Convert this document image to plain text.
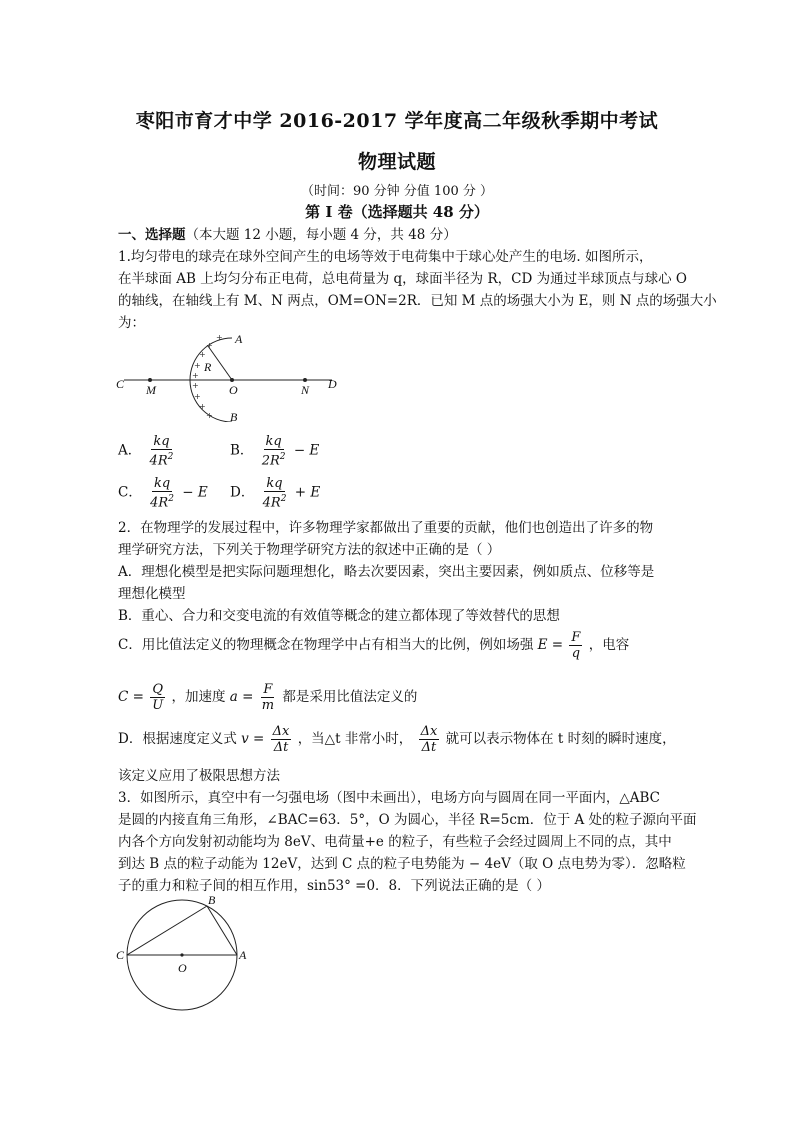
枣阳市育才中学 2016-2017 学年度高二年级秋季期中考试
物理试题
（时间：90 分钟 分值 100 分 ）
第 I 卷（选择题共 48 分）
一、选择题（本大题 12 小题，每小题 4 分，共 48 分）
1.均匀带电的球壳在球外空间产生的电场等效于电荷集中于球心处产生的电场. 如图所示，
在半球面 AB 上均匀分布正电荷，总电荷量为 q，球面半径为 R，CD 为通过半球顶点与球心 O
的轴线，在轴线上有 M、N 两点，OM=ON=2R．已知 M 点的场强大小为 E，则 N 点的场强大小
为：
+
+
+
+
+
+
+
+
+
A
B
C	D
M	N
O
R
A． $\frac{kq}{4R^2}$	B． $\frac{kq}{2R^2} - E$
C． $\frac{kq}{4R^2} - E$ D． $\frac{kq}{4R^2} + E$
2．在物理学的发展过程中，许多物理学家都做出了重要的贡献，他们也创造出了许多的物
理学研究方法，下列关于物理学研究方法的叙述中正确的是（ ）
A．理想化模型是把实际问题理想化，略去次要因素，突出主要因素，例如质点、位移等是
理想化模型
B．重心、合力和交变电流的有效值等概念的建立都体现了等效替代的思想
C．用比值法定义的物理概念在物理学中占有相当大的比例，例如场强 $E = \frac{F}{q}$ ，电容
$C = \frac{Q}{U}$ ，加速度 $a = \frac{F}{m}$ 都是采用比值法定义的
D．根据速度定义式 $v = \frac{\Delta x}{\Delta t}$ ，当△t 非常小时， $\frac{\Delta x}{\Delta t}$ 就可以表示物体在 t 时刻的瞬时速度，
该定义应用了极限思想方法
3．如图所示，真空中有一匀强电场（图中未画出），电场方向与圆周在同一平面内，△ABC
是圆的内接直角三角形，∠BAC=63．5°，O 为圆心，半径 R=5cm．位于 A 处的粒子源向平面
内各个方向发射初动能均为 8eV、电荷量+e 的粒子，有些粒子会经过圆周上不同的点，其中
到达 B 点的粒子动能为 12eV，达到 C 点的粒子电势能为 − 4eV（取 O 点电势为零）．忽略粒
子的重力和粒子间的相互作用，sin53° =0．8．下列说法正确的是（ ）
B
A
C
O
